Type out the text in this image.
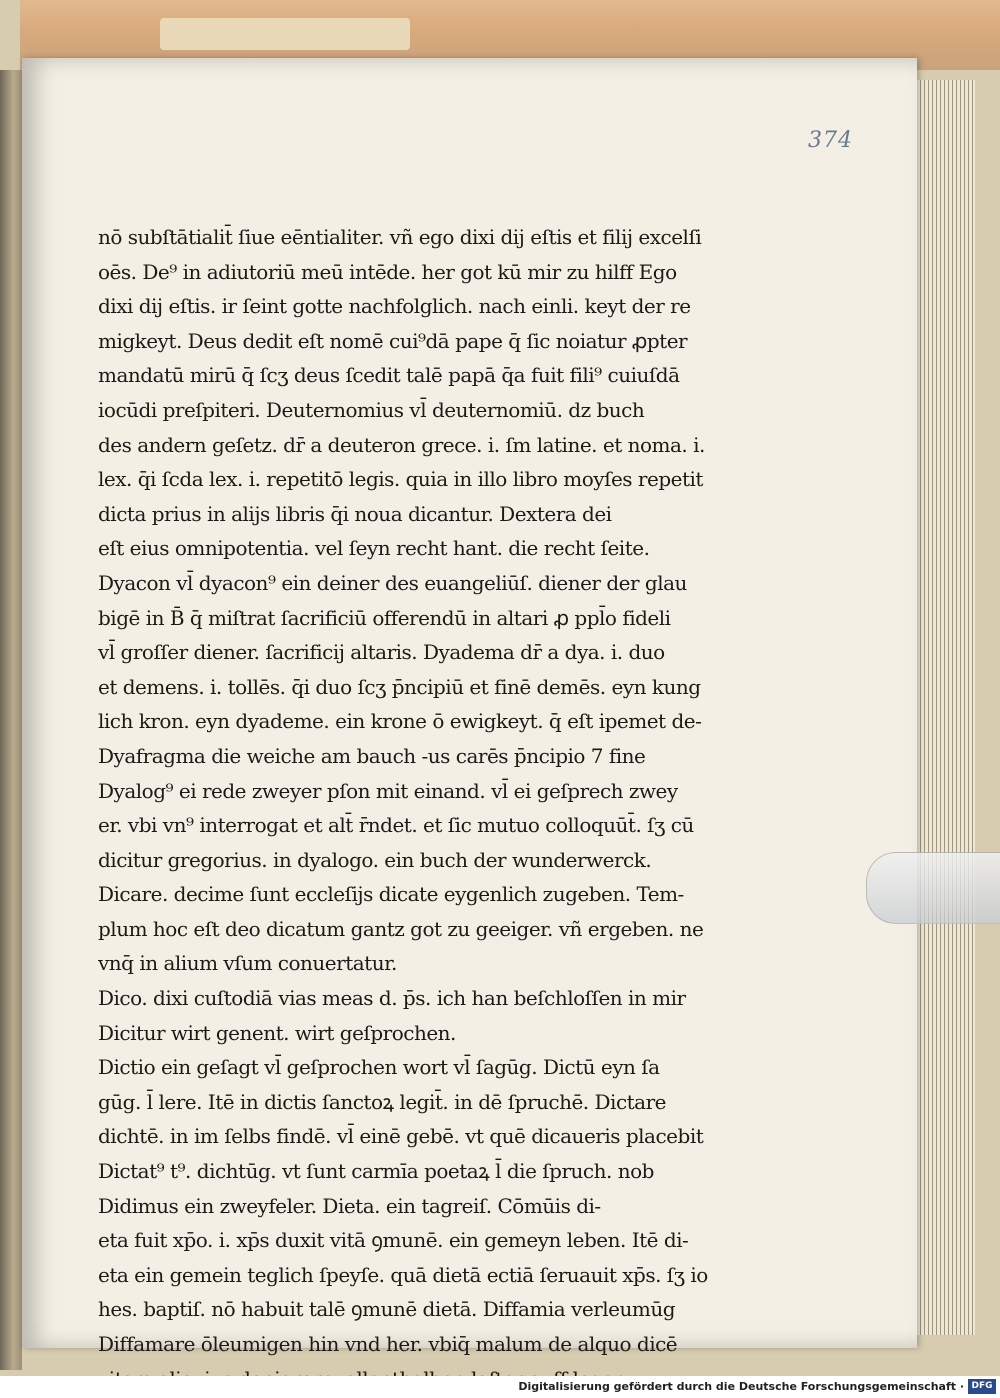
374
nō subſtātialit̄ ſiue eēntialiter. vñ ego dixi dij eſtis et filij excelſi
oēs. De⁹ in adiutoriū meū intēde. her got kū mir zu hilff Ego
dixi dij eſtis. ir ſeint gotte nachfolglich. nach einli. keyt der re
migkeyt. Deus dedit eſt nomē cui⁹dā pape q̄ ſic noiatur ꝓpter
mandatū mirū q̄ ſcʒ deus ſcedit talē papā q̄a fuit fili⁹ cuiuſdā
iocūdi preſpiteri. Deuternomius vl̄ deuternomiū. dz buch
des andern geſetz. dr̄ a deuteron grece. i. ſm latine. et noma. i.
lex. q̄i ſcda lex. i. repetitō legis. quia in illo libro moyſes repetit
dicta prius in alijs libris q̄i noua dicantur. Dextera dei
eſt eius omnipotentia. vel ſeyn recht hant. die recht ſeite.
Dyacon vl̄ dyacon⁹ ein deiner des euangeliūſ. diener der glau
bigē in B̄ q̄ miſtrat ſacrificiū offerendū in altari ꝓ ppl̄o fideli
vl̄ groſſer diener. ſacrificij altaris. Dyadema dr̄ a dya. i. duo
et demens. i. tollēs. q̄i duo ſcʒ p̄ncipiū et finē demēs. eyn kung
lich kron. eyn dyademe. ein krone ō ewigkeyt. q̄ eſt ipemet de-
Dyafragma die weiche am bauch -us carēs p̄ncipio 7 fine
Dyalog⁹ ei rede zweyer pſon mit einand. vl̄ ei geſprech zwey
er. vbi vn⁹ interrogat et alt̄ r̄ndet. et ſic mutuo colloquūt̄. ſʒ cū
dicitur gregorius. in dyalogo. ein buch der wunderwerck.
Dicare. decime ſunt eccleſijs dicate eygenlich zugeben. Tem-
plum hoc eſt deo dicatum gantz got zu geeiger. vñ ergeben. ne
vnq̄ in alium vſum conuertatur.
Dico. dixi cuſtodiā vias meas d. p̄s. ich han beſchloſſen in mir
Dicitur wirt genent. wirt geſprochen.
Dictio ein geſagt vl̄ geſprochen wort vl̄ ſagūg. Dictū eyn ſa
gūg. l̄ lere. Itē in dictis ſanctoꝝ legit̄. in dē ſpruchē. Dictare
dichtē. in im ſelbs findē. vl̄ einē gebē. vt quē dicaueris placebit
Dictat⁹ t⁹. dichtūg. vt ſunt carmīa poetaꝝ l̄ die ſpruch. nob
Didimus ein zweyfeler. Dieta. ein tagreiſ. Cōmūis di-
eta fuit xp̄o. i. xp̄s duxit vitā ꝯmunē. ein gemeyn leben. Itē di-
eta ein gemein teglich ſpeyſe. quā dietā ectiā ſeruauit xp̄s. ſʒ io
hes. baptiſ. nō habuit talē ꝯmunē dietā. Diffamia verleumūg
Diffamare ōleumigen hin vnd her. vbiq̄ malum de alquo dicē
Digitalisierung gefördert durch die Deutsche Forschungsgemeinschaft · DFG
